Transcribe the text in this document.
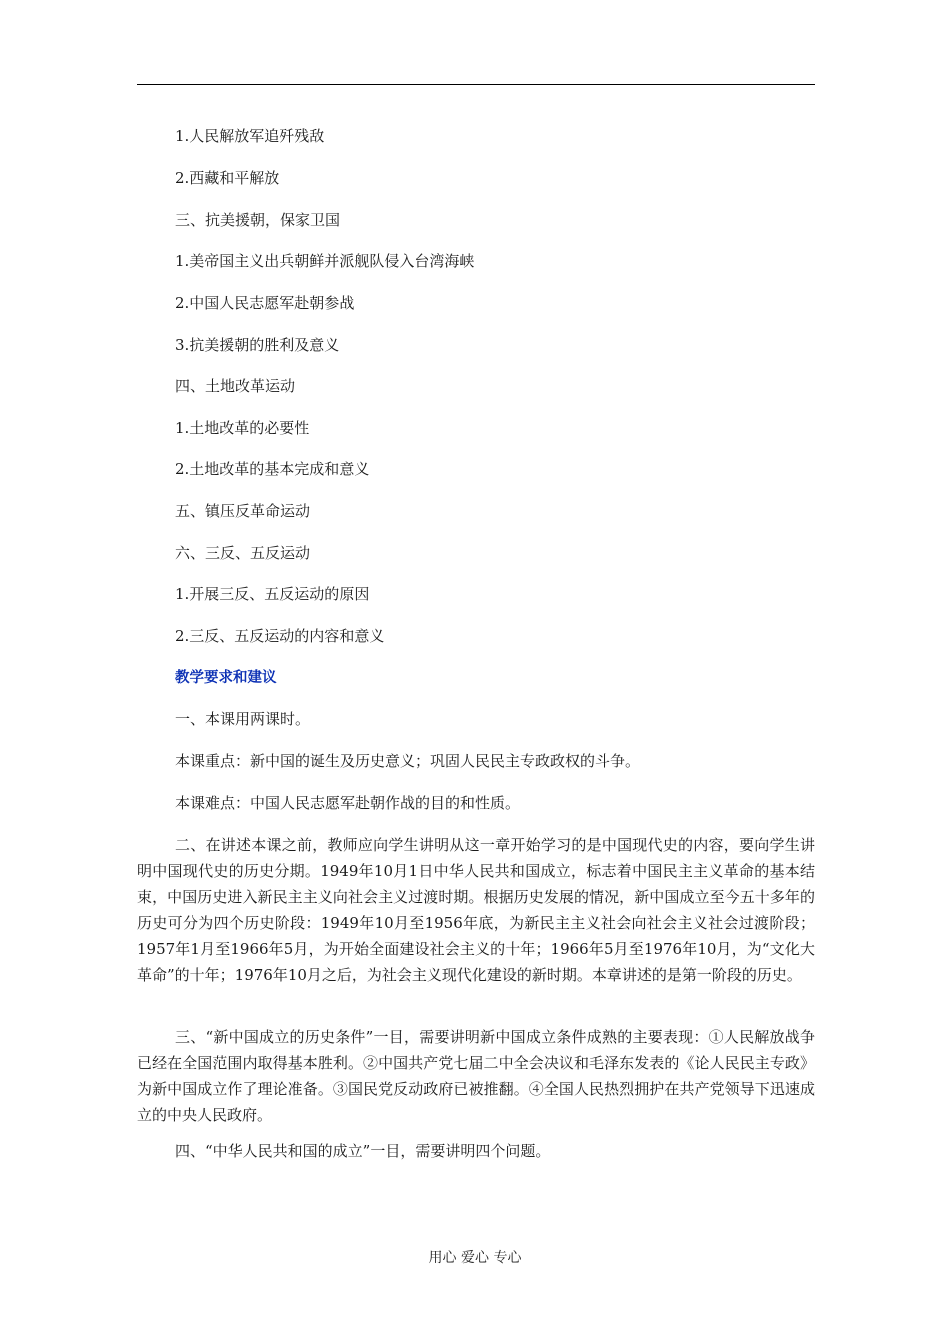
1.人民解放军追歼残敌
2.西藏和平解放
三、抗美援朝，保家卫国
1.美帝国主义出兵朝鲜并派舰队侵入台湾海峡
2.中国人民志愿军赴朝参战
3.抗美援朝的胜利及意义
四、土地改革运动
1.土地改革的必要性
2.土地改革的基本完成和意义
五、镇压反革命运动
六、三反、五反运动
1.开展三反、五反运动的原因
2.三反、五反运动的内容和意义
教学要求和建议
一、本课用两课时。
本课重点：新中国的诞生及历史意义；巩固人民民主专政政权的斗争。
本课难点：中国人民志愿军赴朝作战的目的和性质。
二、在讲述本课之前，教师应向学生讲明从这一章开始学习的是中国现代史的内容，要向学生讲明中国现代史的历史分期。1949年10月1日中华人民共和国成立，标志着中国民主主义革命的基本结束，中国历史进入新民主主义向社会主义过渡时期。根据历史发展的情况，新中国成立至今五十多年的历史可分为四个历史阶段：1949年10月至1956年底，为新民主主义社会向社会主义社会过渡阶段；1957年1月至1966年5月，为开始全面建设社会主义的十年；1966年5月至1976年10月，为“文化大革命”的十年；1976年10月之后，为社会主义现代化建设的新时期。本章讲述的是第一阶段的历史。
三、“新中国成立的历史条件”一目，需要讲明新中国成立条件成熟的主要表现：①人民解放战争已经在全国范围内取得基本胜利。②中国共产党七届二中全会决议和毛泽东发表的《论人民民主专政》为新中国成立作了理论准备。③国民党反动政府已被推翻。④全国人民热烈拥护在共产党领导下迅速成立的中央人民政府。
四、“中华人民共和国的成立”一目，需要讲明四个问题。
用心 爱心 专心
